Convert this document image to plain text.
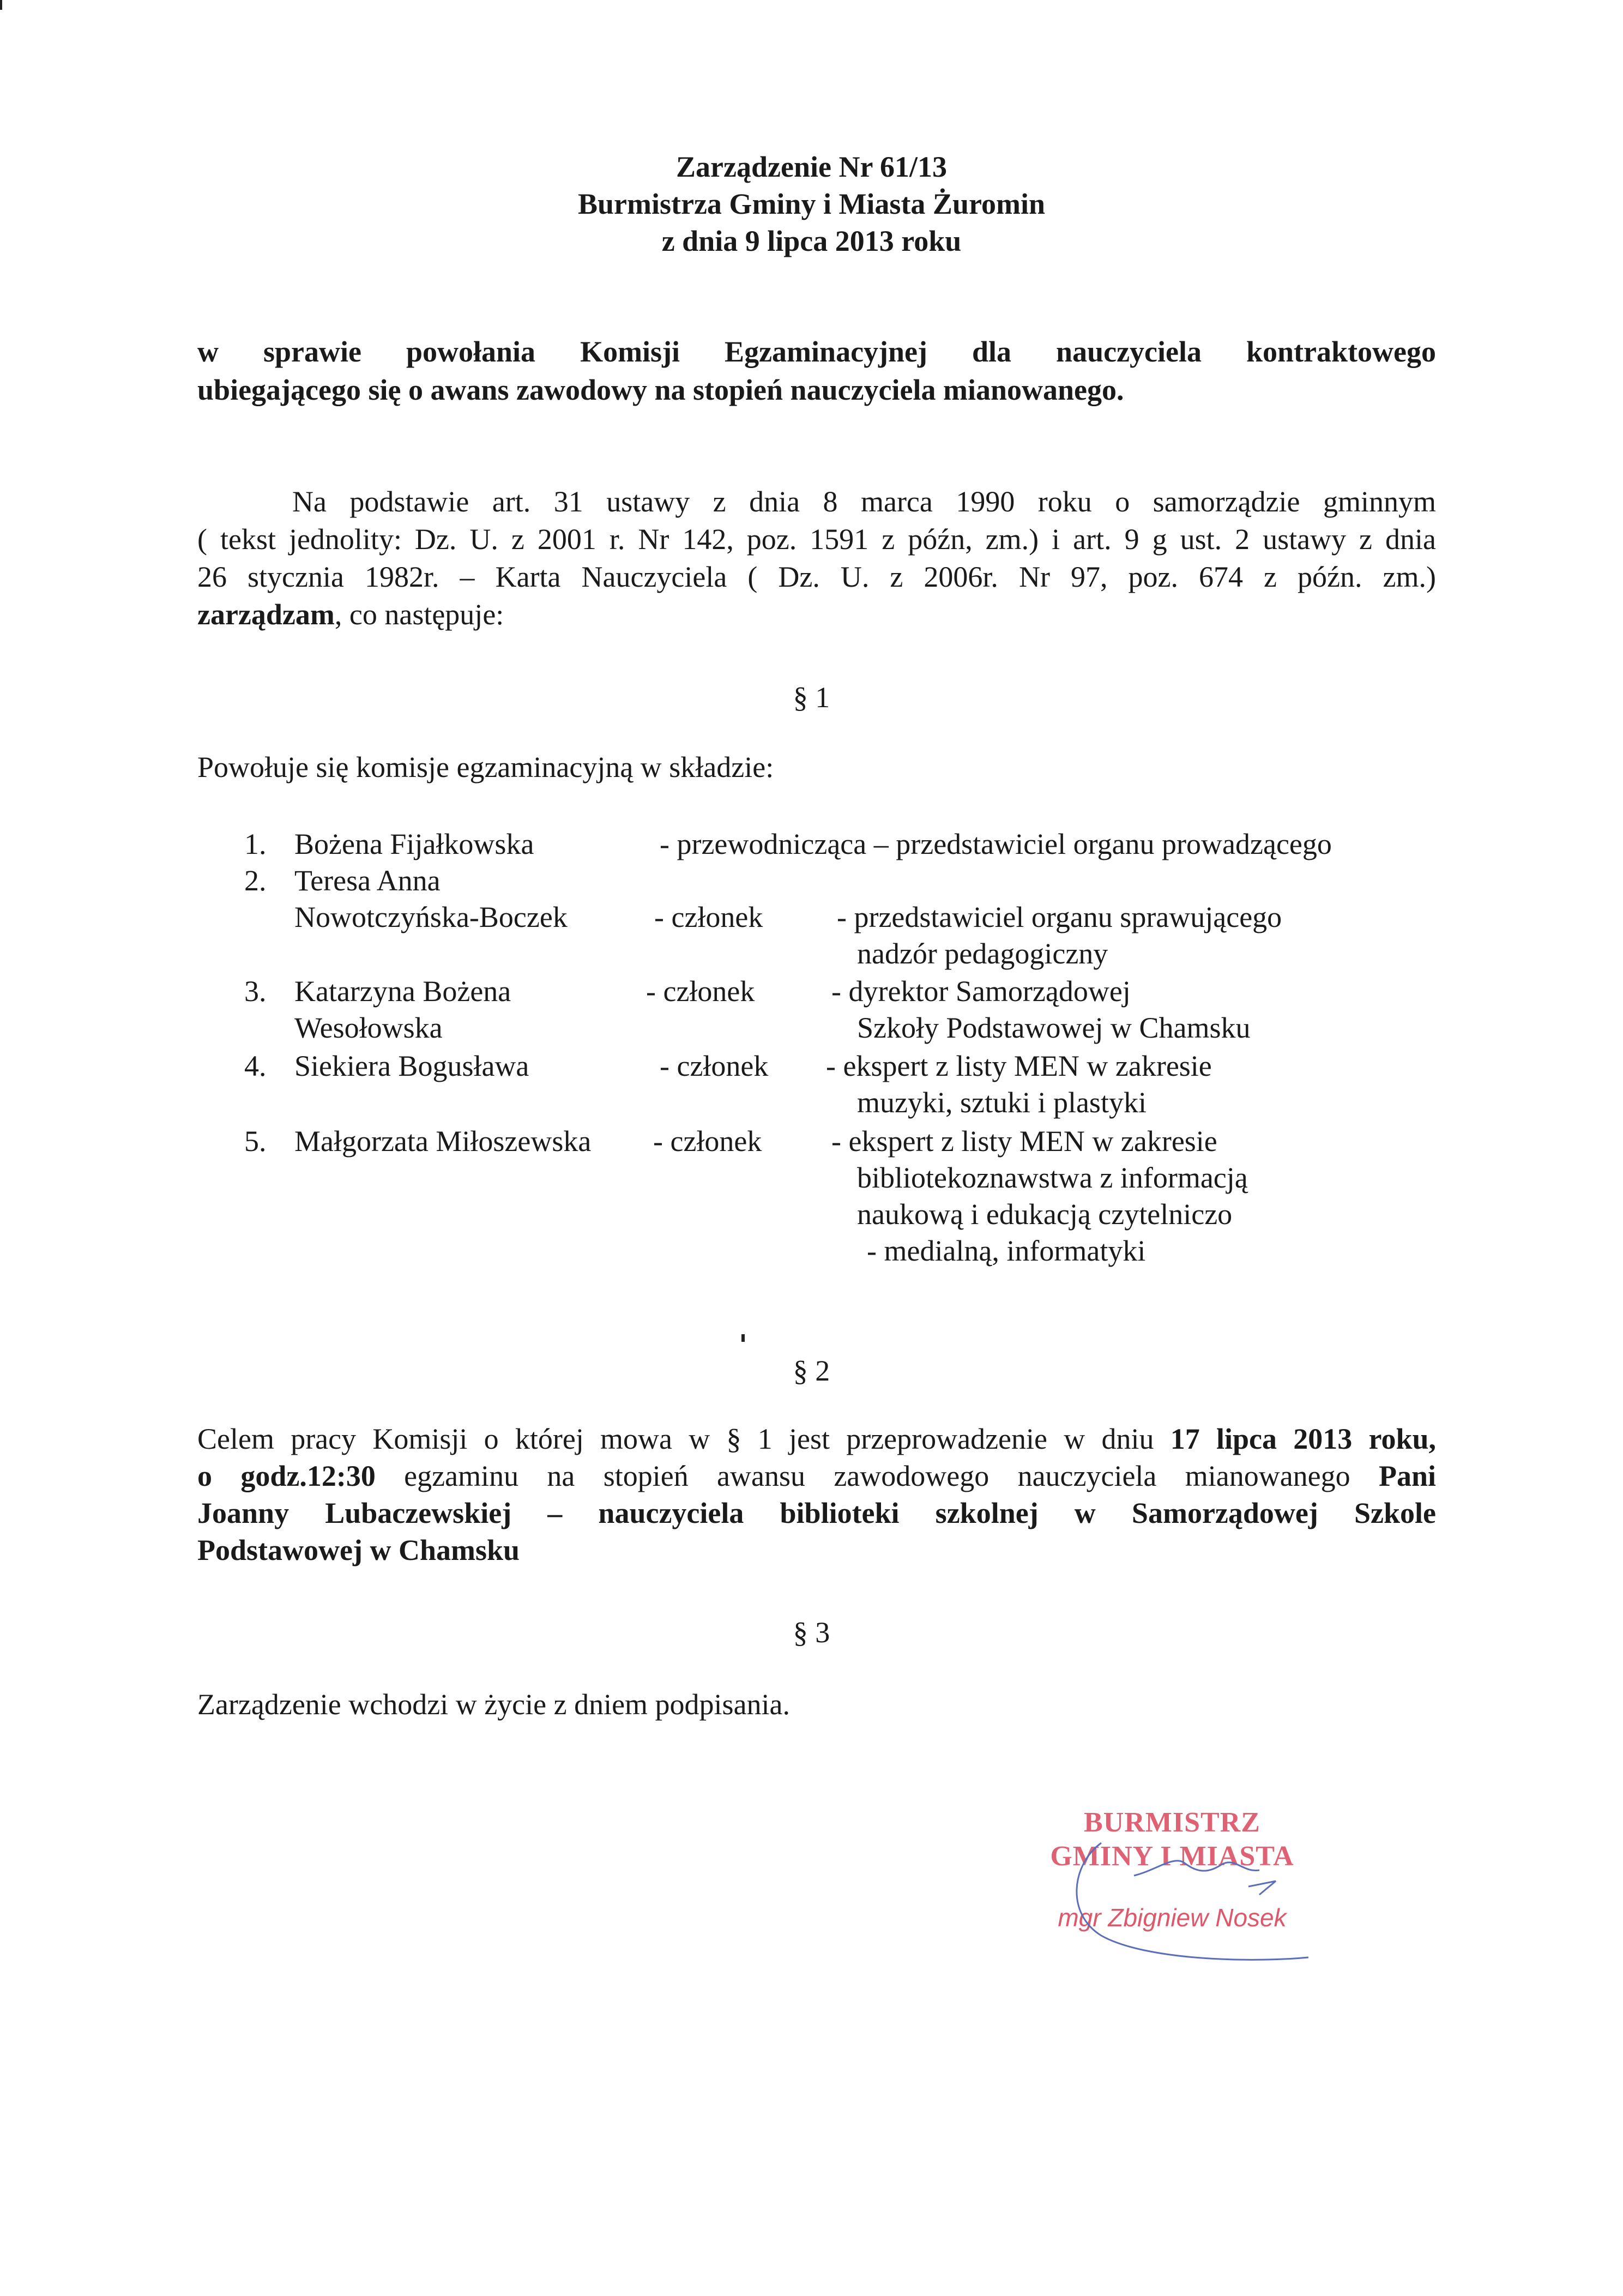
Zarządzenie Nr 61/13
Burmistrza Gminy i Miasta Żuromin
z dnia 9 lipca 2013 roku
w sprawie powołania Komisji Egzaminacyjnej dla nauczyciela kontraktowego
ubiegającego się o awans zawodowy na stopień nauczyciela mianowanego.
Na podstawie art. 31 ustawy z dnia 8 marca 1990 roku o samorządzie gminnym
( tekst jednolity: Dz. U. z 2001 r. Nr 142, poz. 1591 z późn, zm.) i art. 9 g ust. 2 ustawy z dnia
26 stycznia 1982r. – Karta Nauczyciela ( Dz. U. z 2006r. Nr 97, poz. 674 z późn. zm.)
zarządzam, co następuje:
§ 1
Powołuje się komisje egzaminacyjną w składzie:
1. Bożena Fijałkowska	- przewodnicząca – przedstawiciel organu prowadzącego
2. Teresa Anna
Nowotczyńska-Boczek	- członek	- przedstawiciel organu sprawującego
nadzór pedagogiczny
3. Katarzyna Bożena
Wesołowska
- członek	- dyrektor Samorządowej
Szkoły Podstawowej w Chamsku
4. Siekiera Bogusława	- członek - ekspert z listy MEN w zakresie
muzyki, sztuki i plastyki
5. Małgorzata Miłoszewska - członek - ekspert z listy MEN w zakresie
bibliotekoznawstwa z informacją
naukową i edukacją czytelniczo
- medialną, informatyki
§ 2
Celem pracy Komisji o której mowa w § 1 jest przeprowadzenie w dniu 17 lipca 2013 roku,
o godz.12:30 egzaminu na stopień awansu zawodowego nauczyciela mianowanego Pani
Joanny Lubaczewskiej – nauczyciela biblioteki szkolnej w Samorządowej Szkole
Podstawowej w Chamsku
§ 3
Zarządzenie wchodzi w życie z dniem podpisania.
BURMISTRZ
GMINY I MIASTA
mgr Zbigniew Nosek
